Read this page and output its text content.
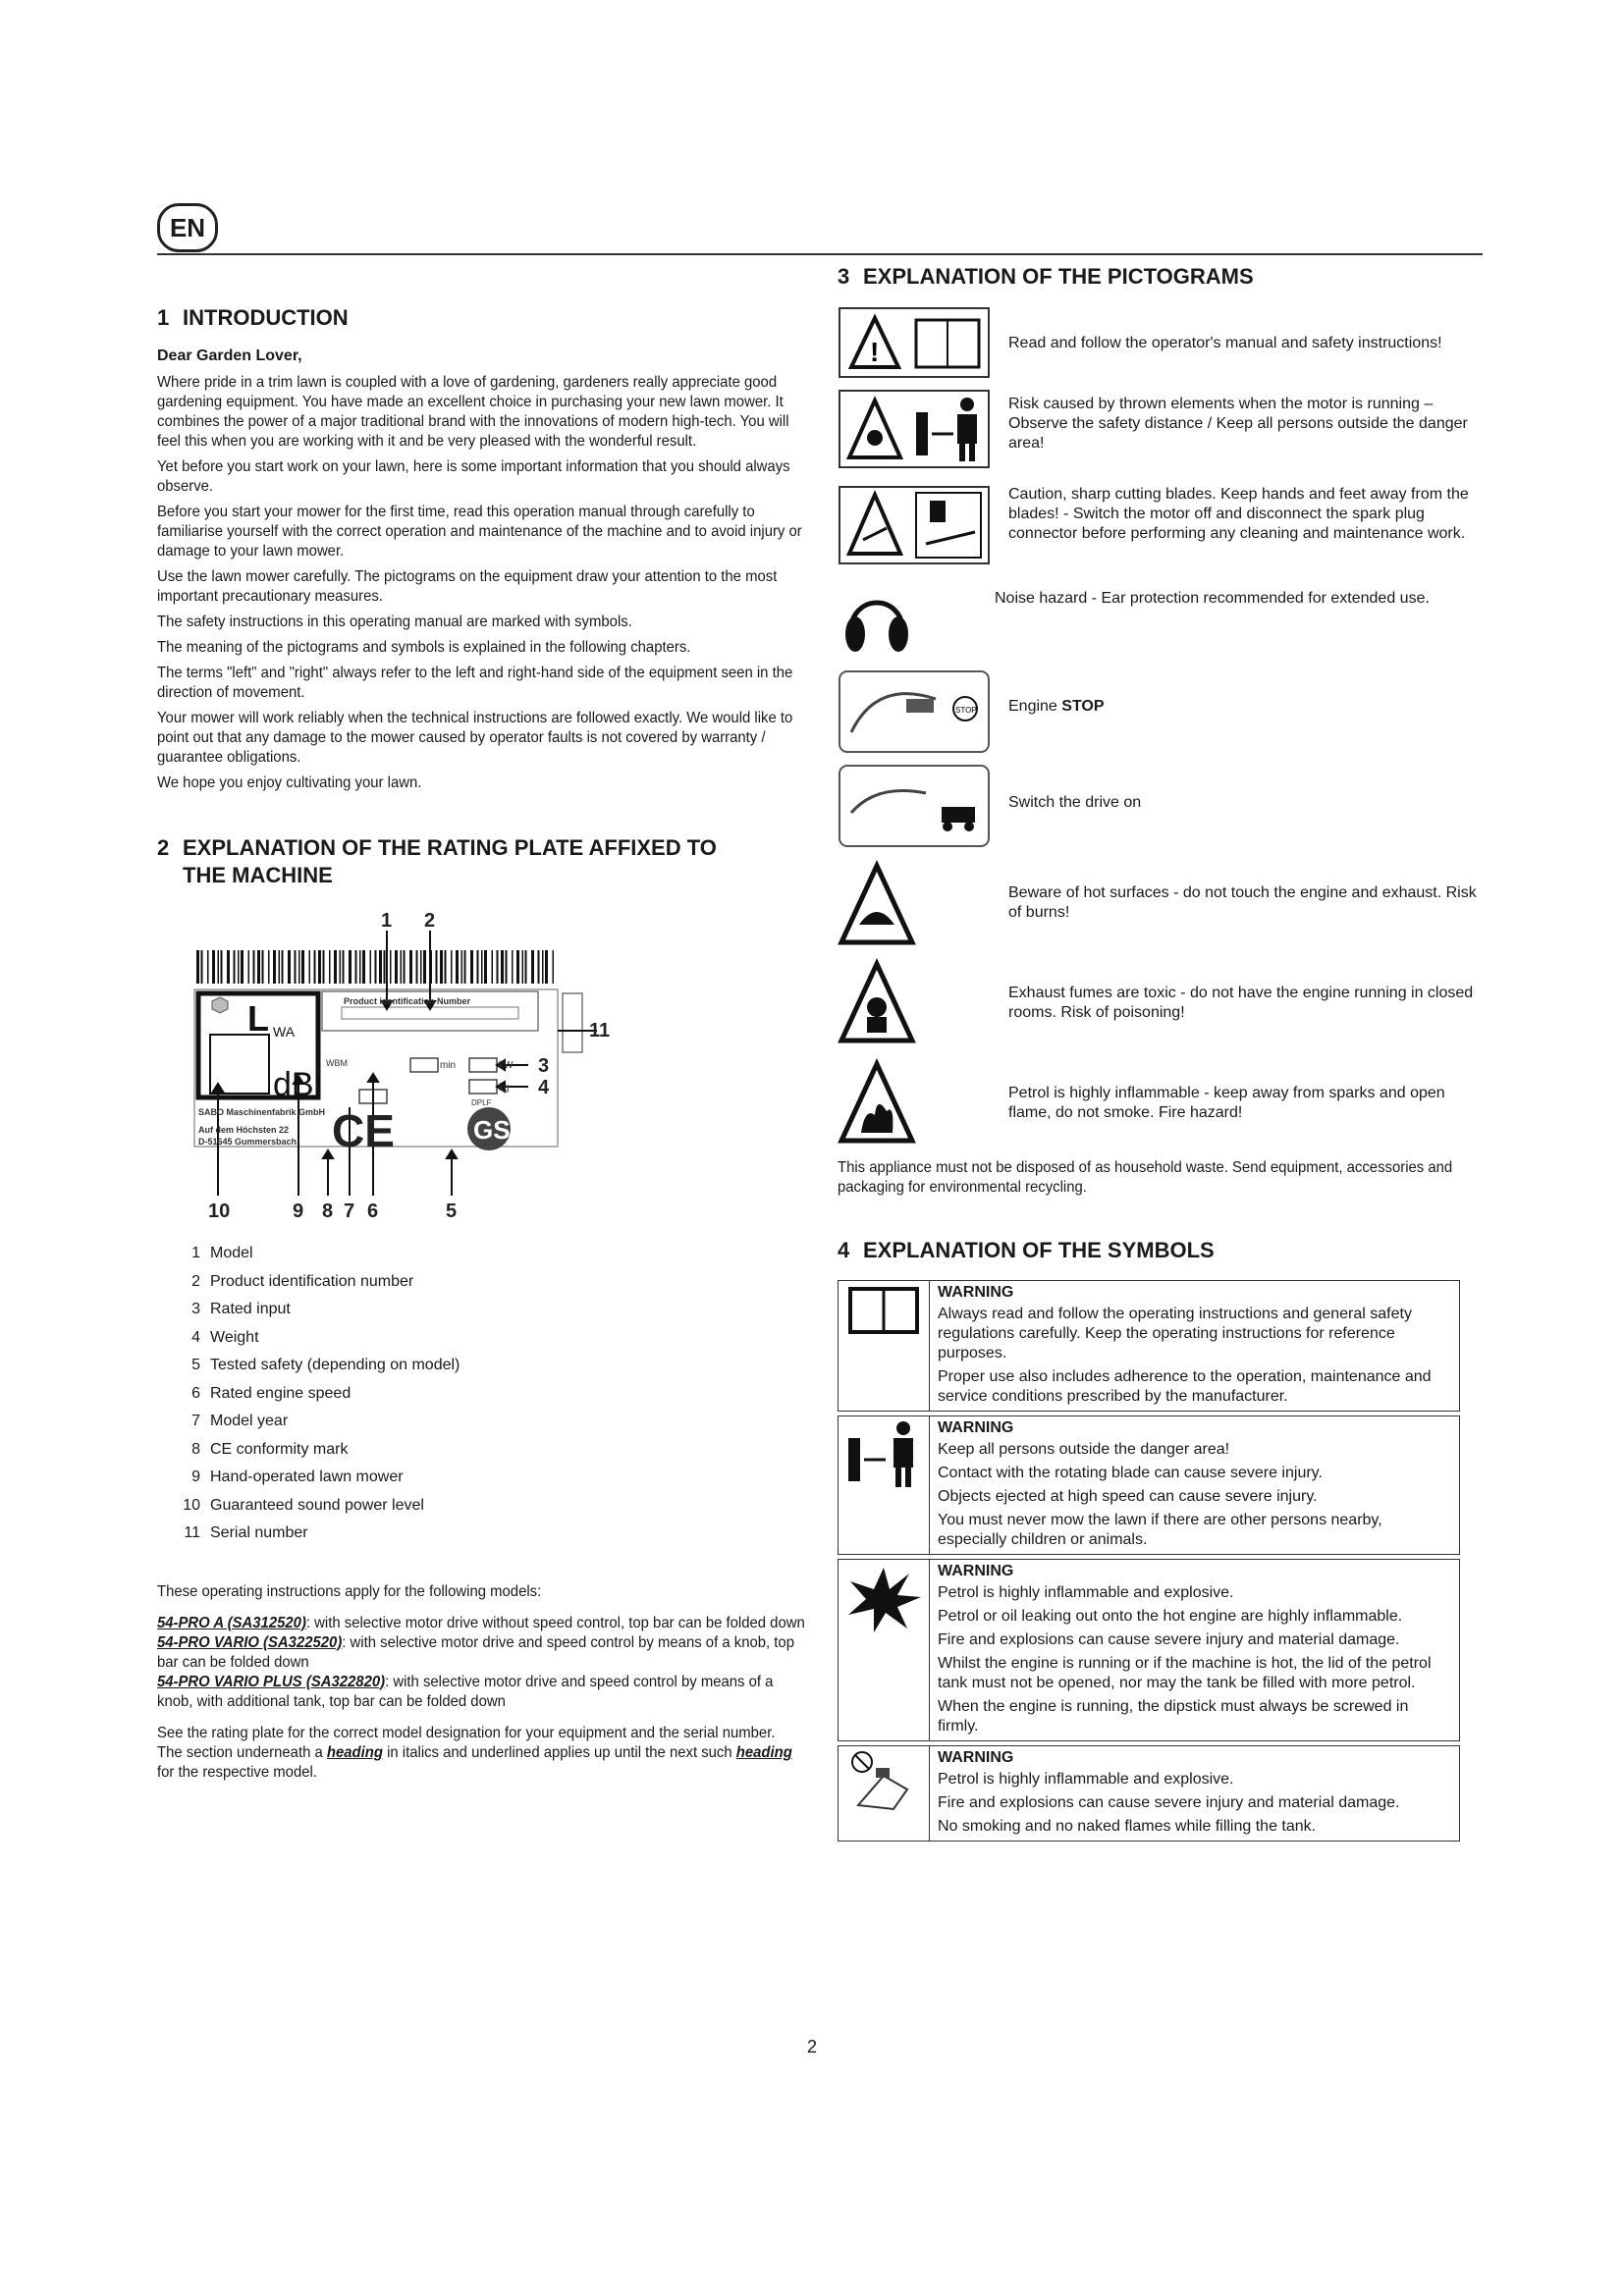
EN
1 INTRODUCTION
Dear Garden Lover,

Where pride in a trim lawn is coupled with a love of gardening, gardeners really appreciate good gardening equipment. You have made an excellent choice in purchasing your new lawn mower. It combines the power of a major traditional brand with the innovations of modern high-tech. You will feel this when you are working with it and be very pleased with the wonderful result.

Yet before you start work on your lawn, here is some important information that you should always observe.

Before you start your mower for the first time, read this operation manual through carefully to familiarise yourself with the correct operation and maintenance of the machine and to avoid injury or damage to your lawn mower.

Use the lawn mower carefully. The pictograms on the equipment draw your attention to the most important precautionary measures.

The safety instructions in this operating manual are marked with symbols.

The meaning of the pictograms and symbols is explained in the following chapters.

The terms "left" and "right" always refer to the left and right-hand side of the equipment seen in the direction of movement.

Your mower will work reliably when the technical instructions are followed exactly. We would like to point out that any damage to the mower caused by operator faults is not covered by warranty / guarantee obligations.

We hope you enjoy cultivating your lawn.

2 EXPLANATION OF THE RATING PLATE AFFIXED TO THE MACHINE
L WA
dB
Product identification Number
WBM	min	kW
kg
SABO Maschinenfabrik GmbH
Auf dem Höchsten 22
D-51645 Gummersbach CE
DPLF
GS
1 2
11
3
4
10	9 8 7 6	5
1 Model
2 Product identification number
3 Rated input
4 Weight
5 Tested safety (depending on model)
6 Rated engine speed
7 Model year
8 CE conformity mark
9 Hand-operated lawn mower
10 Guaranteed sound power level
11 Serial number

These operating instructions apply for the following models:

54-PRO A (SA312520): with selective motor drive without speed control, top bar can be folded down

54-PRO VARIO (SA322520): with selective motor drive and speed control by means of a knob, top bar can be folded down

54-PRO VARIO PLUS (SA322820): with selective motor drive and speed control by means of a knob, with additional tank, top bar can be folded down

See the rating plate for the correct model designation for your equipment and the serial number.

The section underneath a heading in italics and underlined applies up until the next such heading for the respective model.

3 EXPLANATION OF THE PICTOGRAMS
!	Read and follow the operator's manual and safety instructions!
Risk caused by thrown elements when the motor is running – Observe the safety distance / Keep all persons outside the danger area!
Caution, sharp cutting blades. Keep hands and feet away from the blades! - Switch the motor off and disconnect the spark plug connector before performing any cleaning and maintenance work.
Noise hazard - Ear protection recommended for extended use.
STOP Engine STOP
Switch the drive on
Beware of hot surfaces - do not touch the engine and exhaust. Risk of burns!
Exhaust fumes are toxic - do not have the engine running in closed rooms. Risk of poisoning!
Petrol is highly inflammable - keep away from sparks and open flame, do not smoke. Fire hazard!

This appliance must not be disposed of as household waste. Send equipment, accessories and packaging for environmental recycling.

4 EXPLANATION OF THE SYMBOLS
WARNING
Always read and follow the operating instructions and general safety regulations carefully. Keep the operating instructions for reference purposes.
Proper use also includes adherence to the operation, maintenance and service conditions prescribed by the manufacturer.
WARNING
Keep all persons outside the danger area!
Contact with the rotating blade can cause severe injury.
Objects ejected at high speed can cause severe injury.
You must never mow the lawn if there are other persons nearby, especially children or animals.
WARNING
Petrol is highly inflammable and explosive.
Petrol or oil leaking out onto the hot engine are highly inflammable.
Fire and explosions can cause severe injury and material damage.
Whilst the engine is running or if the machine is hot, the lid of the petrol tank must not be opened, nor may the tank be filled with more petrol.
When the engine is running, the dipstick must always be screwed in firmly.
WARNING
Petrol is highly inflammable and explosive.
Fire and explosions can cause severe injury and material damage.
No smoking and no naked flames while filling the tank.
2
